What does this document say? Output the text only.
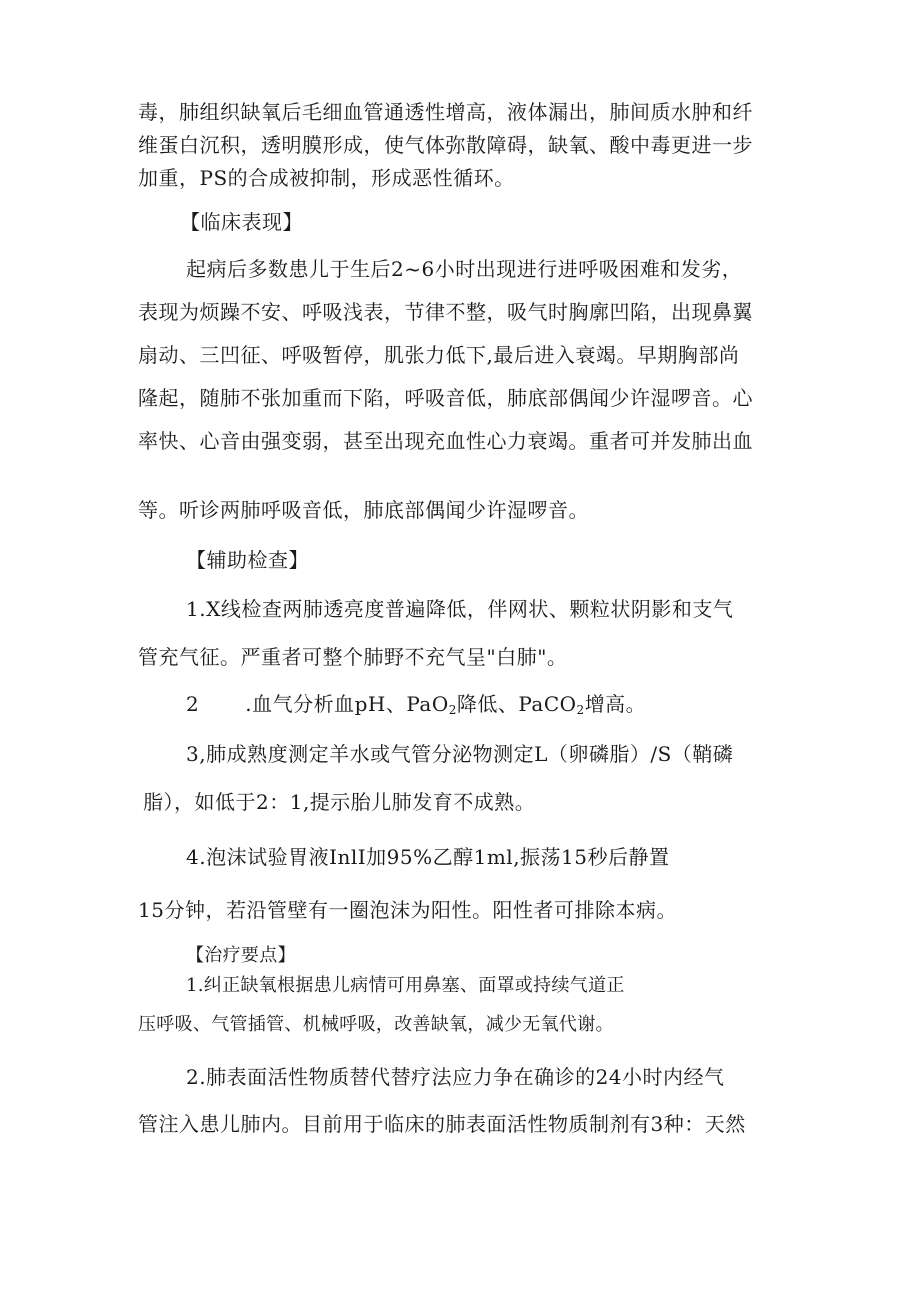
毒，肺组织缺氧后毛细血管通透性增高，液体漏出，肺间质水肿和纤
维蛋白沉积，透明膜形成，使气体弥散障碍，缺氧、酸中毒更进一步
加重，PS的合成被抑制，形成恶性循环。
【临床表现】
起病后多数患儿于生后2~6小时出现进行进呼吸困难和发劣，
表现为烦躁不安、呼吸浅表，节律不整，吸气时胸廓凹陷，出现鼻翼
扇动、三凹征、呼吸暂停，肌张力低下,最后进入衰竭。早期胸部尚
隆起，随肺不张加重而下陷，呼吸音低，肺底部偶闻少许湿啰音。心
率快、心音由强变弱，甚至出现充血性心力衰竭。重者可并发肺出血
等。听诊两肺呼吸音低，肺底部偶闻少许湿啰音。
【辅助检查】
1.X线检查两肺透亮度普遍降低，伴网状、颗粒状阴影和支气
管充气征。严重者可整个肺野不充气呈"白肺"。
2 .血气分析血pH、PaO$_2$降低、PaCO$_2$增高。
3,肺成熟度测定羊水或气管分泌物测定L（卵磷脂）/S（鞘磷
脂），如低于2：1,提示胎儿肺发育不成熟。
4.泡沫试验胃液InlI加95%乙醇1ml,振荡15秒后静置
15分钟，若沿管壁有一圈泡沫为阳性。阳性者可排除本病。
【治疗要点】
1.纠正缺氧根据患儿病情可用鼻塞、面罩或持续气道正
压呼吸、气管插管、机械呼吸，改善缺氧，减少无氧代谢。
2.肺表面活性物质替代替疗法应力争在确诊的24小时内经气
管注入患儿肺内。目前用于临床的肺表面活性物质制剂有3种：天然
